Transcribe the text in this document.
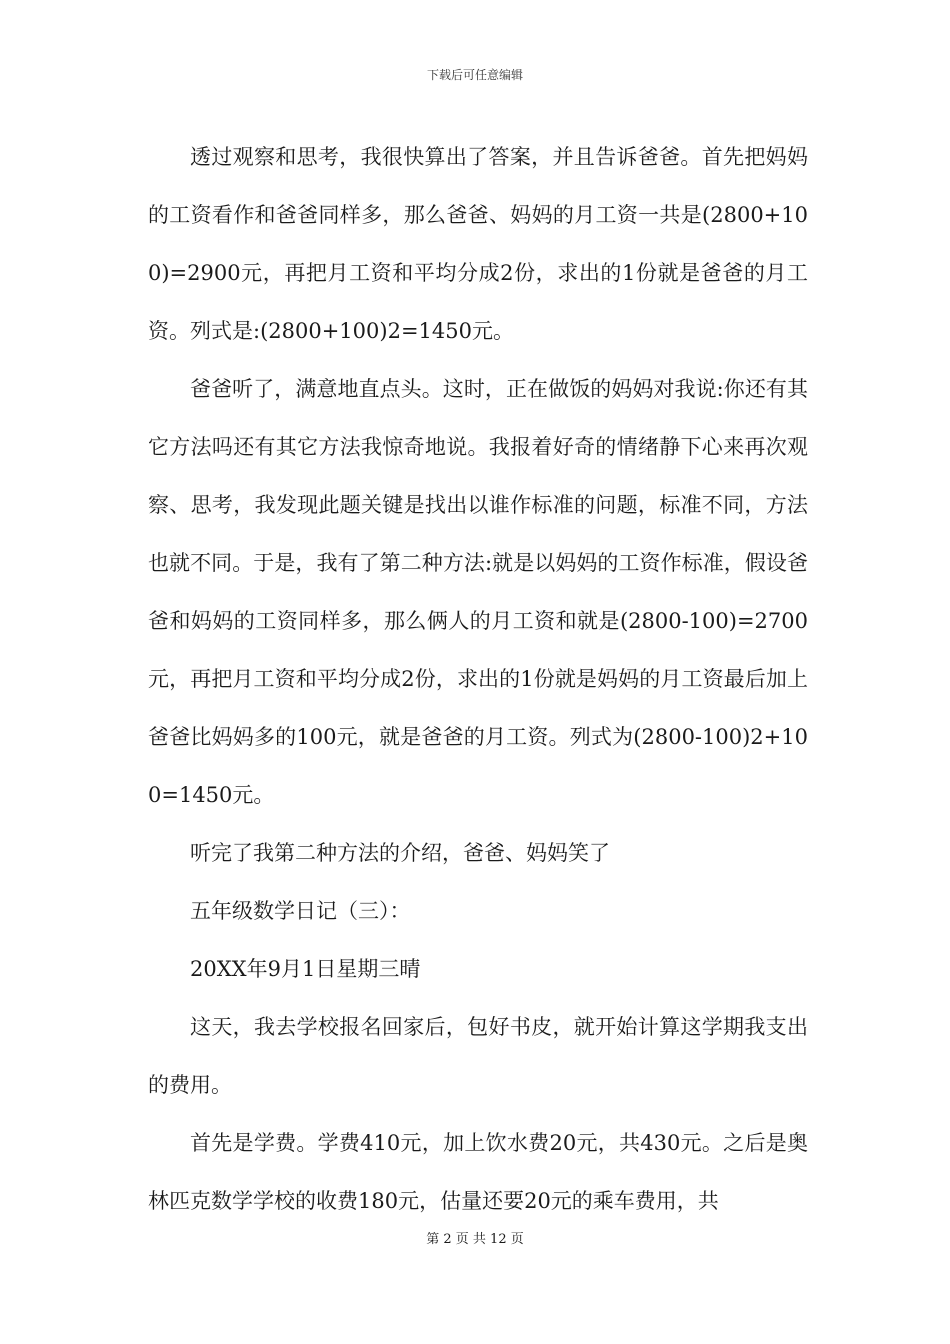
下载后可任意编辑

透过观察和思考，我很快算出了答案，并且告诉爸爸。首先把妈妈的工资看作和爸爸同样多，那么爸爸、妈妈的月工资一共是(2800+100)=2900元，再把月工资和平均分成2份，求出的1份就是爸爸的月工资。列式是:(2800+100)2=1450元。

爸爸听了，满意地直点头。这时，正在做饭的妈妈对我说:你还有其它方法吗还有其它方法我惊奇地说。我报着好奇的情绪静下心来再次观察、思考，我发现此题关键是找出以谁作标准的问题，标准不同，方法也就不同。于是，我有了第二种方法:就是以妈妈的工资作标准，假设爸爸和妈妈的工资同样多，那么俩人的月工资和就是(2800-100)=2700元，再把月工资和平均分成2份，求出的1份就是妈妈的月工资最后加上爸爸比妈妈多的100元，就是爸爸的月工资。列式为(2800-100)2+100=1450元。

听完了我第二种方法的介绍，爸爸、妈妈笑了

五年级数学日记（三）：

20XX年9月1日星期三晴

这天，我去学校报名回家后，包好书皮，就开始计算这学期我支出的费用。

首先是学费。学费410元，加上饮水费20元，共430元。之后是奥林匹克数学学校的收费180元，估量还要20元的乘车费用，共

第 2 页 共 12 页
